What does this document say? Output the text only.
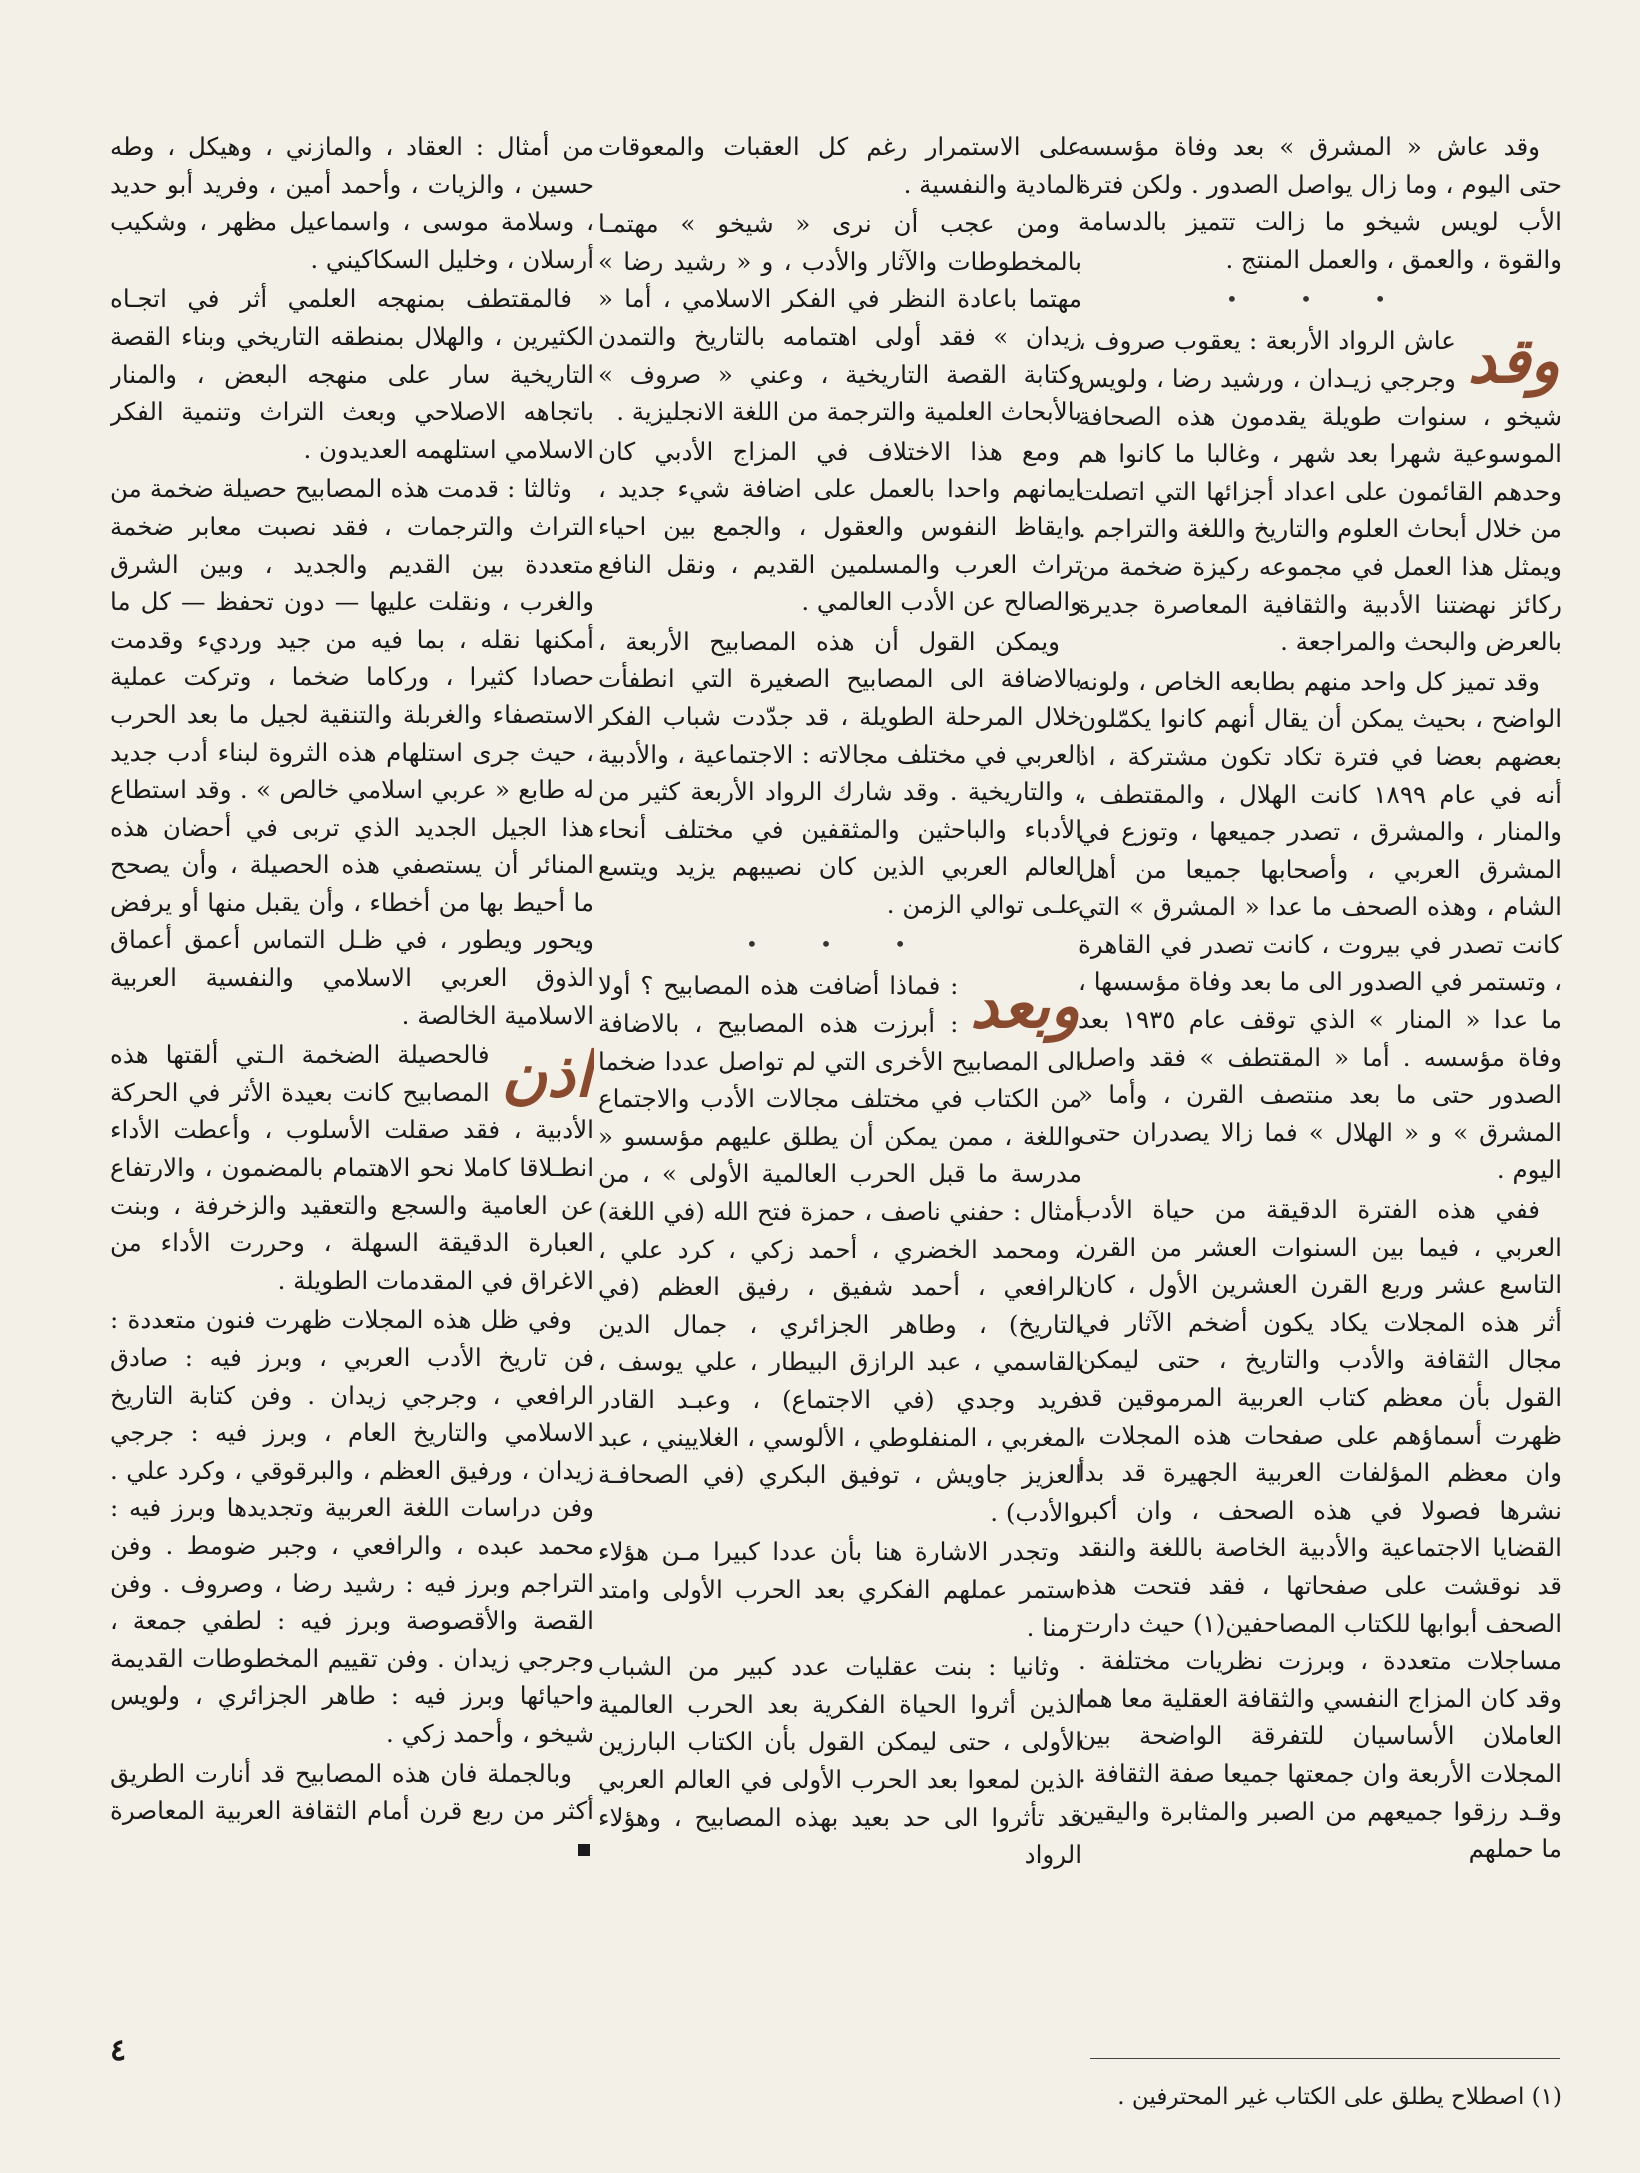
وقد عاش « المشرق » بعد وفاة مؤسسه حتى اليوم ، وما زال يواصل الصدور . ولكن فترة الأب لويس شيخو ما زالت تتميز بالدسامة والقوة ، والعمق ، والعمل المنتج .

• • •

وقد
عاش الرواد الأربعة : يعقوب صروف ، وجرجي زيـدان ، ورشيد رضا ، ولويس شيخو ، سنوات طويلة يقدمون هذه الصحافة الموسوعية شهرا بعد شهر ، وغالبا ما كانوا هم وحدهم القائمون على اعداد أجزائها التي اتصلت من خلال أبحاث العلوم والتاريخ واللغة والتراجم . ويمثل هذا العمل في مجموعه ركيزة ضخمة من ركائز نهضتنا الأدبية والثقافية المعاصرة جديرة بالعرض والبحث والمراجعة .

وقد تميز كل واحد منهم بطابعه الخاص ، ولونه الواضح ، بحيث يمكن أن يقال أنهم كانوا يكمّلون بعضهم بعضا في فترة تكاد تكون مشتركة ، اذ أنه في عام ١٨٩٩ كانت الهلال ، والمقتطف ، والمنار ، والمشرق ، تصدر جميعها ، وتوزع في المشرق العربي ، وأصحابها جميعا من أهل الشام ، وهذه الصحف ما عدا « المشرق » التي كانت تصدر في بيروت ، كانت تصدر في القاهرة ، وتستمر في الصدور الى ما بعد وفاة مؤسسها ، ما عدا « المنار » الذي توقف عام ١٩٣٥ بعد وفاة مؤسسه . أما « المقتطف » فقد واصل الصدور حتى ما بعد منتصف القرن ، وأما « المشرق » و « الهلال » فما زالا يصدران حتى اليوم .

ففي هذه الفترة الدقيقة من حياة الأدب العربي ، فيما بين السنوات العشر من القرن التاسع عشر وربع القرن العشرين الأول ، كان أثر هذه المجلات يكاد يكون أضخم الآثار في مجال الثقافة والأدب والتاريخ ، حتى ليمكن القول بأن معظم كتاب العربية المرموقين قد ظهرت أسماؤهم على صفحات هذه المجلات ، وان معظم المؤلفات العربية الجهيرة قد بدأ نشرها فصولا في هذه الصحف ، وان أكبر القضايا الاجتماعية والأدبية الخاصة باللغة والنقد قد نوقشت على صفحاتها ، فقد فتحت هذه الصحف أبوابها للكتاب المصاحفين(١) حيث دارت مساجلات متعددة ، وبرزت نظريات مختلفة . وقد كان المزاج النفسي والثقافة العقلية معا هما العاملان الأساسيان للتفرقة الواضحة بين المجلات الأربعة وان جمعتها جميعا صفة الثقافة . وقـد رزقوا جميعهم من الصبر والمثابرة واليقين ما حملهم

على الاستمرار رغم كل العقبات والمعوقات المادية والنفسية .

ومن عجب أن نرى « شيخو » مهتمـا بالمخطوطات والآثار والأدب ، و « رشيد رضا » مهتما باعادة النظر في الفكر الاسلامي ، أما « زيدان » فقد أولى اهتمامه بالتاريخ والتمدن وكتابة القصة التاريخية ، وعني « صروف » بالأبحاث العلمية والترجمة من اللغة الانجليزية .

ومع هذا الاختلاف في المزاج الأدبي كان ايمانهم واحدا بالعمل على اضافة شيء جديد ، وايقاظ النفوس والعقول ، والجمع بين احياء تراث العرب والمسلمين القديم ، ونقل النافع والصالح عن الأدب العالمي .

ويمكن القول أن هذه المصابيح الأربعة ، بالاضافة الى المصابيح الصغيرة التي انطفأت خلال المرحلة الطويلة ، قد جدّدت شباب الفكر العربي في مختلف مجالاته : الاجتماعية ، والأدبية ، والتاريخية . وقد شارك الرواد الأربعة كثير من الأدباء والباحثين والمثقفين في مختلف أنحاء العالم العربي الذين كان نصيبهم يزيد ويتسع علـى توالي الزمن .

• • •

وبعد
: فماذا أضافت هذه المصابيح ؟ أولا : أبرزت هذه المصابيح ، بالاضافة الى المصابيح الأخرى التي لم تواصل عددا ضخما من الكتاب في مختلف مجالات الأدب والاجتماع واللغة ، ممن يمكن أن يطلق عليهم مؤسسو « مدرسة ما قبل الحرب العالمية الأولى » ، من أمثال : حفني ناصف ، حمزة فتح الله (في اللغة) ، ومحمد الخضري ، أحمد زكي ، كرد علي ، الرافعي ، أحمد شفيق ، رفيق العظم (في التاريخ) ، وطاهر الجزائري ، جمال الدين القاسمي ، عبد الرازق البيطار ، علي يوسف ، فريد وجدي (في الاجتماع) ، وعبـد القادر المغربي ، المنفلوطي ، الألوسي ، الغلاييني ، عبد العزيز جاويش ، توفيق البكري (في الصحافـة والأدب) .

وتجدر الاشارة هنا بأن عددا كبيرا مـن هؤلاء استمر عملهم الفكري بعد الحرب الأولى وامتد زمنا .

وثانيا : بنت عقليات عدد كبير من الشباب الذين أثروا الحياة الفكرية بعد الحرب العالمية الأولى ، حتى ليمكن القول بأن الكتاب البارزين الذين لمعوا بعد الحرب الأولى في العالم العربي قد تأثروا الى حد بعيد بهذه المصابيح ، وهؤلاء الرواد

من أمثال : العقاد ، والمازني ، وهيكل ، وطه حسين ، والزيات ، وأحمد أمين ، وفريد أبو حديد ، وسلامة موسى ، واسماعيل مظهر ، وشكيب أرسلان ، وخليل السكاكيني .

فالمقتطف بمنهجه العلمي أثر في اتجـاه الكثيرين ، والهلال بمنطقه التاريخي وبناء القصة التاريخية سار على منهجه البعض ، والمنار باتجاهه الاصلاحي وبعث التراث وتنمية الفكر الاسلامي استلهمه العديدون .

وثالثا : قدمت هذه المصابيح حصيلة ضخمة من التراث والترجمات ، فقد نصبت معابر ضخمة متعددة بين القديم والجديد ، وبين الشرق والغرب ، ونقلت عليها — دون تحفظ — كل ما أمكنها نقله ، بما فيه من جيد ورديء وقدمت حصادا كثيرا ، وركاما ضخما ، وتركت عملية الاستصفاء والغربلة والتنقية لجيل ما بعد الحرب ، حيث جرى استلهام هذه الثروة لبناء أدب جديد له طابع « عربي اسلامي خالص » . وقد استطاع هذا الجيل الجديد الذي تربى في أحضان هذه المنائر أن يستصفي هذه الحصيلة ، وأن يصحح ما أحيط بها من أخطاء ، وأن يقبل منها أو يرفض ويحور ويطور ، في ظـل التماس أعمق أعماق الذوق العربي الاسلامي والنفسية العربية الاسلامية الخالصة .

اذن
فالحصيلة الضخمة الـتي ألقتها هذه المصابيح كانت بعيدة الأثر في الحركة الأدبية ، فقد صقلت الأسلوب ، وأعطت الأداء انطـلاقا كاملا نحو الاهتمام بالمضمون ، والارتفاع عن العامية والسجع والتعقيد والزخرفة ، وبنت العبارة الدقيقة السهلة ، وحررت الأداء من الاغراق في المقدمات الطويلة .

وفي ظل هذه المجلات ظهرت فنون متعددة : فن تاريخ الأدب العربي ، وبرز فيه : صادق الرافعي ، وجرجي زيدان . وفن كتابة التاريخ الاسلامي والتاريخ العام ، وبرز فيه : جرجي زيدان ، ورفيق العظم ، والبرقوقي ، وكرد علي . وفن دراسات اللغة العربية وتجديدها وبرز فيه : محمد عبده ، والرافعي ، وجبر ضومط . وفن التراجم وبرز فيه : رشيد رضا ، وصروف . وفن القصة والأقصوصة وبرز فيه : لطفي جمعة ، وجرجي زيدان . وفن تقييم المخطوطات القديمة واحيائها وبرز فيه : طاهر الجزائري ، ولويس شيخو ، وأحمد زكي .

وبالجملة فان هذه المصابيح قد أنارت الطريق أكثر من ربع قرن أمام الثقافة العربية المعاصرة

(١) اصطلاح يطلق على الكتاب غير المحترفين .
٤
